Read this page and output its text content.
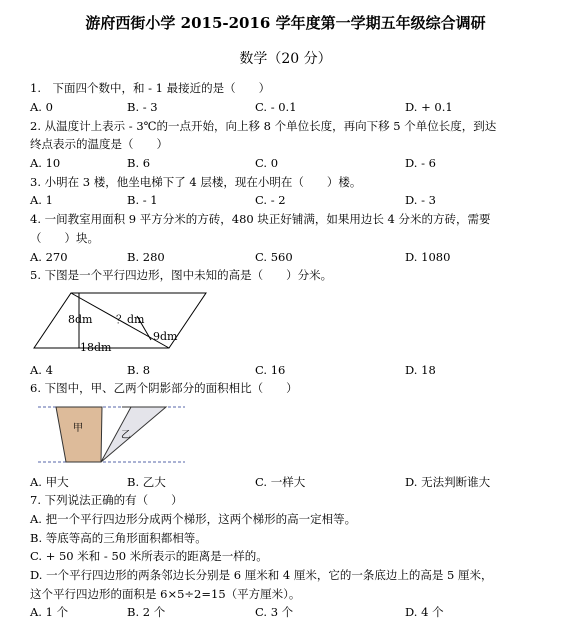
游府西街小学 2015-2016 学年度第一学期五年级综合调研
数学（20 分）
1.　下面四个数中，和 - 1 最接近的是（　　）
A. 0	B. - 3	C. - 0.1	D. + 0.1
2. 从温度计上表示 - 3℃的一点开始，向上移 8 个单位长度，再向下移 5 个单位长度，到达
终点表示的温度是（　　）
A. 10	B. 6	C. 0	D. - 6
3. 小明在 3 楼，他坐电梯下了 4 层楼，现在小明在（　　）楼。
A. 1	B. - 1	C. - 2	D. - 3
4. 一间教室用面积 9 平方分米的方砖，480 块正好铺满，如果用边长 4 分米的方砖，需要
（　　）块。
A. 270	B. 280	C. 560	D. 1080
5. 下图是一个平行四边形，图中未知的高是（　　）分米。
8dm ？dm
9dm
18dm
A. 4	B. 8	C. 16	D. 18
6. 下图中，甲、乙两个阴影部分的面积相比（　　）
甲
乙
A. 甲大	B. 乙大	C. 一样大	D. 无法判断谁大
7. 下列说法正确的有（　　）
A. 把一个平行四边形分成两个梯形，这两个梯形的高一定相等。
B. 等底等高的三角形面积都相等。
C. + 50 米和 - 50 米所表示的距离是一样的。
D. 一个平行四边形的两条邻边长分别是 6 厘米和 4 厘米，它的一条底边上的高是 5 厘米，
这个平行四边形的面积是 6×5÷2=15（平方厘米）。
A. 1 个	B. 2 个	C. 3 个	D. 4 个
